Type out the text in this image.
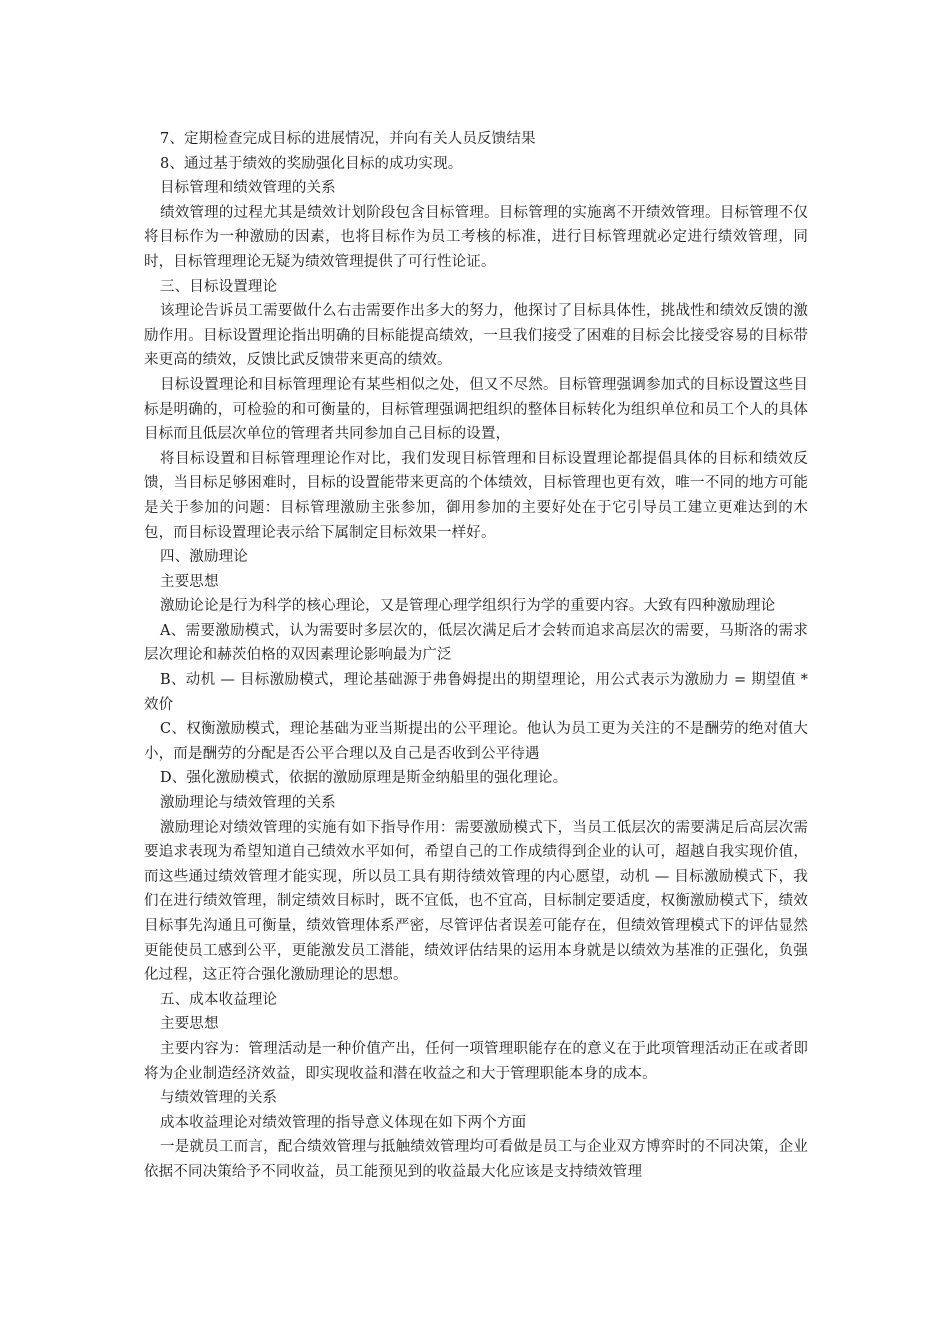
7、定期检查完成目标的进展情况，并向有关人员反馈结果

8、通过基于绩效的奖励强化目标的成功实现。

目标管理和绩效管理的关系

绩效管理的过程尤其是绩效计划阶段包含目标管理。目标管理的实施离不开绩效管理。目标管理不仅将目标作为一种激励的因素，也将目标作为员工考核的标准，进行目标管理就必定进行绩效管理，同时，目标管理理论无疑为绩效管理提供了可行性论证。

三、目标设置理论

该理论告诉员工需要做什么右击需要作出多大的努力，他探讨了目标具体性，挑战性和绩效反馈的激励作用。目标设置理论指出明确的目标能提高绩效，一旦我们接受了困难的目标会比接受容易的目标带来更高的绩效，反馈比武反馈带来更高的绩效。

目标设置理论和目标管理理论有某些相似之处，但又不尽然。目标管理强调参加式的目标设置这些目标是明确的，可检验的和可衡量的，目标管理强调把组织的整体目标转化为组织单位和员工个人的具体目标而且低层次单位的管理者共同参加自己目标的设置，

将目标设置和目标管理理论作对比，我们发现目标管理和目标设置理论都提倡具体的目标和绩效反馈，当目标足够困难时，目标的设置能带来更高的个体绩效，目标管理也更有效，唯一不同的地方可能是关于参加的问题：目标管理激励主张参加，御用参加的主要好处在于它引导员工建立更难达到的木包，而目标设置理论表示给下属制定目标效果一样好。

四、激励理论

主要思想

激励论论是行为科学的核心理论，又是管理心理学组织行为学的重要内容。大致有四种激励理论

A、需要激励模式，认为需要时多层次的，低层次满足后才会转而追求高层次的需要，马斯洛的需求层次理论和赫茨伯格的双因素理论影响最为广泛

B、动机 — 目标激励模式，理论基础源于弗鲁姆提出的期望理论，用公式表示为激励力 = 期望值 * 效价

C、权衡激励模式，理论基础为亚当斯提出的公平理论。他认为员工更为关注的不是酬劳的绝对值大小，而是酬劳的分配是否公平合理以及自己是否收到公平待遇

D、强化激励模式，依据的激励原理是斯金纳船里的强化理论。

激励理论与绩效管理的关系

激励理论对绩效管理的实施有如下指导作用：需要激励模式下，当员工低层次的需要满足后高层次需要追求表现为希望知道自己绩效水平如何，希望自己的工作成绩得到企业的认可，超越自我实现价值，而这些通过绩效管理才能实现，所以员工具有期待绩效管理的内心愿望，动机 — 目标激励模式下，我们在进行绩效管理，制定绩效目标时，既不宜低，也不宜高，目标制定要适度，权衡激励模式下，绩效目标事先沟通且可衡量，绩效管理体系严密，尽管评估者误差可能存在，但绩效管理模式下的评估显然更能使员工感到公平，更能激发员工潜能，绩效评估结果的运用本身就是以绩效为基准的正强化，负强化过程，这正符合强化激励理论的思想。

五、成本收益理论

主要思想

主要内容为：管理活动是一种价值产出，任何一项管理职能存在的意义在于此项管理活动正在或者即将为企业制造经济效益，即实现收益和潜在收益之和大于管理职能本身的成本。

与绩效管理的关系

成本收益理论对绩效管理的指导意义体现在如下两个方面

一是就员工而言，配合绩效管理与抵触绩效管理均可看做是员工与企业双方博弈时的不同决策，企业依据不同决策给予不同收益，员工能预见到的收益最大化应该是支持绩效管理
